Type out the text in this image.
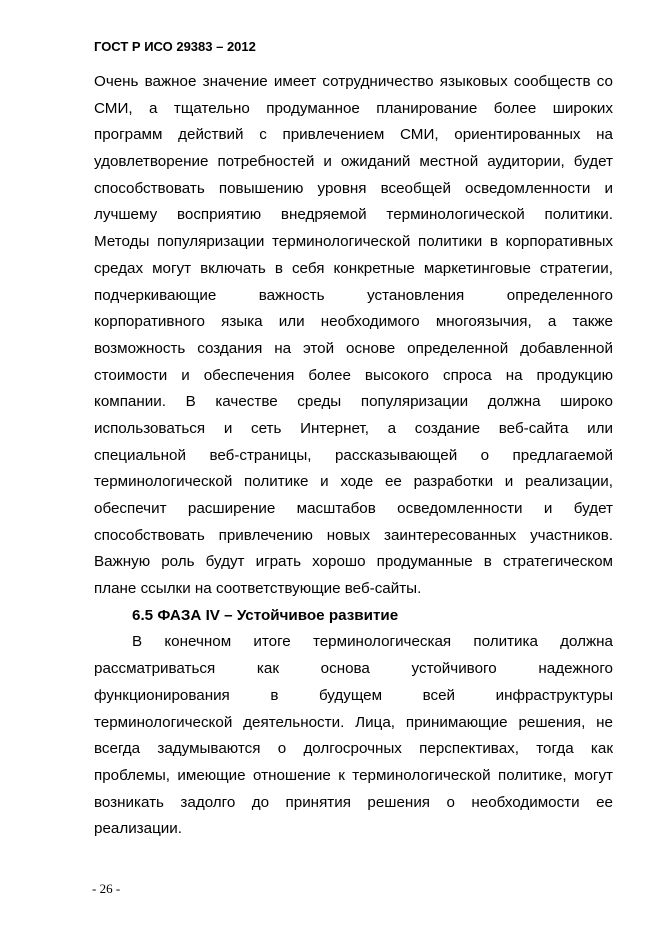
ГОСТ Р ИСО 29383 – 2012
Очень важное значение имеет сотрудничество языковых сообществ со
СМИ, а тщательно продуманное планирование более широких
программ действий с привлечением СМИ, ориентированных на
удовлетворение потребностей и ожиданий местной аудитории, будет
способствовать повышению уровня всеобщей осведомленности и
лучшему восприятию внедряемой терминологической политики.
Методы популяризации терминологической политики в корпоративных
средах могут включать в себя конкретные маркетинговые стратегии,
подчеркивающие важность установления определенного
корпоративного языка или необходимого многоязычия, а также
возможность создания на этой основе определенной добавленной
стоимости и обеспечения более высокого спроса на продукцию
компании. В качестве среды популяризации должна широко
использоваться и сеть Интернет, а создание веб-сайта или
специальной веб-страницы, рассказывающей о предлагаемой
терминологической политике и ходе ее разработки и реализации,
обеспечит расширение масштабов осведомленности и будет
способствовать привлечению новых заинтересованных участников.
Важную роль будут играть хорошо продуманные в стратегическом
плане ссылки на соответствующие веб-сайты.
6.5 ФАЗА IV – Устойчивое развитие
В конечном итоге терминологическая политика должна
рассматриваться как основа устойчивого надежного
функционирования в будущем всей инфраструктуры
терминологической деятельности. Лица, принимающие решения, не
всегда задумываются о долгосрочных перспективах, тогда как
проблемы, имеющие отношение к терминологической политике, могут
возникать задолго до принятия решения о необходимости ее
реализации.
- 26 -
